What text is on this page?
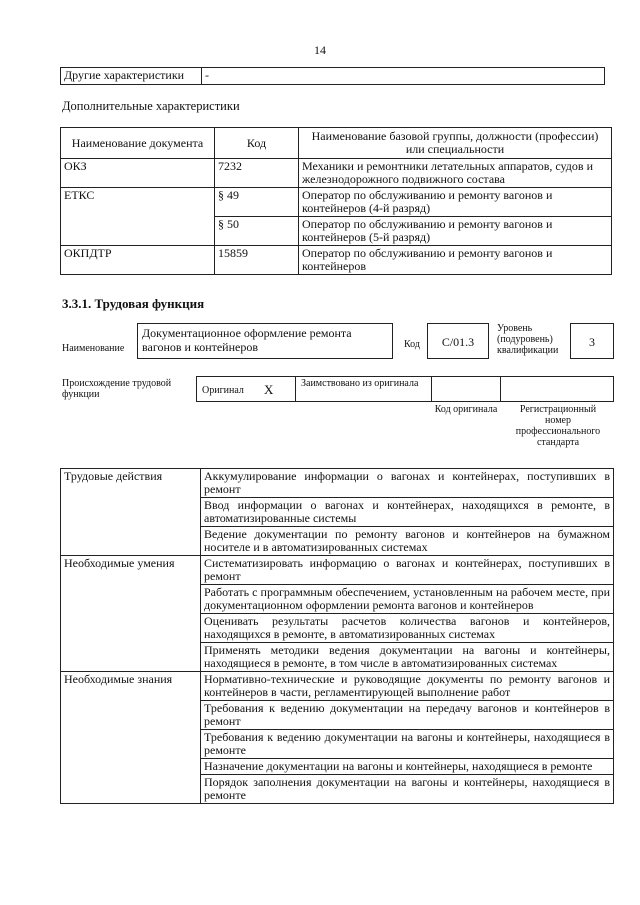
14
Другие характеристики	-
Дополнительные характеристики
Наименование документа	Код	Наименование базовой группы, должности (профессии) или специальности
ОКЗ	7232	Механики и ремонтники летательных аппаратов, судов и железнодорожного подвижного состава
ЕТКС	§ 49	Оператор по обслуживанию и ремонту вагонов и контейнеров (4-й разряд)
	§ 50	Оператор по обслуживанию и ремонту вагонов и контейнеров (5-й разряд)
ОКПДТР	15859	Оператор по обслуживанию и ремонту вагонов и контейнеров
3.3.1. Трудовая функция
Наименование
Документационное оформление ремонта вагонов и контейнеров	Код	C/01.3
Уровень (подуровень) квалификации
3
Происхождение трудовой функции	Оригинал X	Заимствовано из оригинала
Код оригинала	Регистрационный номер профессионального стандарта
Трудовые действия	Аккумулирование информации о вагонах и контейнерах, поступивших в ремонт
	Ввод информации о вагонах и контейнерах, находящихся в ремонте, в автоматизированные системы
	Ведение документации по ремонту вагонов и контейнеров на бумажном носителе и в автоматизированных системах
Необходимые умения	Систематизировать информацию о вагонах и контейнерах, поступивших в ремонт
	Работать с программным обеспечением, установленным на рабочем месте, при документационном оформлении ремонта вагонов и контейнеров
	Оценивать результаты расчетов количества вагонов и контейнеров, находящихся в ремонте, в автоматизированных системах
	Применять методики ведения документации на вагоны и контейнеры, находящиеся в ремонте, в том числе в автоматизированных системах
Необходимые знания	Нормативно-технические и руководящие документы по ремонту вагонов и контейнеров в части, регламентирующей выполнение работ
	Требования к ведению документации на передачу вагонов и контейнеров в ремонт
	Требования к ведению документации на вагоны и контейнеры, находящиеся в ремонте
	Назначение документации на вагоны и контейнеры, находящиеся в ремонте
	Порядок заполнения документации на вагоны и контейнеры, находящиеся в ремонте
